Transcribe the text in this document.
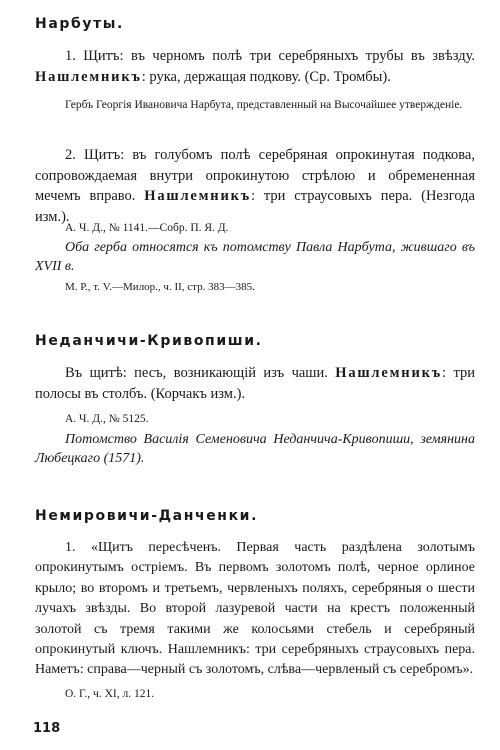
Нарбуты.
1. Щитъ: въ черномъ полѣ три серебряныхъ трубы въ звѣзду. Нашлемникъ: рука, держащая подкову. (Ср. Тромбы).
Гербъ Георгія Ивановича Нарбута, представленный на Высочайшее утвержденіе.
2. Щитъ: въ голубомъ полѣ серебряная опрокинутая подкова, сопровождаемая внутри опрокинутою стрѣлою и обремененная мечемъ вправо. Нашлемникъ: три страусовыхъ пера. (Незгода изм.).
А. Ч. Д., № 1141.—Собр. П. Я. Д.
Оба герба относятся къ потомству Павла Нарбута, жившаго въ XVII в.
М. Р., т. V.—Милор., ч. II, стр. 383—385.
Неданчичи-Кривопиши.
Въ щитѣ: песъ, возникающій изъ чаши. Нашлемникъ: три полосы въ столбъ. (Корчакъ изм.).
А. Ч. Д., № 5125.
Потомство Василія Семеновича Неданчича-Кривопиши, земянина Любецкаго (1571).
Немировичи-Данченки.
1. «Щитъ пересѣченъ. Первая часть раздѣлена золотымъ опрокинутымъ остріемъ. Въ первомъ золотомъ полѣ, черное орлиное крыло; во второмъ и третьемъ, червленыхъ поляхъ, серебряныя о шести лучахъ звѣзды. Во второй лазуревой части на крестъ положенный золотой съ тремя такими же колосьями стебель и серебряный опрокинутый ключъ. Нашлемникъ: три серебряныхъ страусовыхъ пера. Наметъ: справа—черный съ золотомъ, слѣва—червленый съ серебромъ».
О. Г., ч. XI, л. 121.
118
